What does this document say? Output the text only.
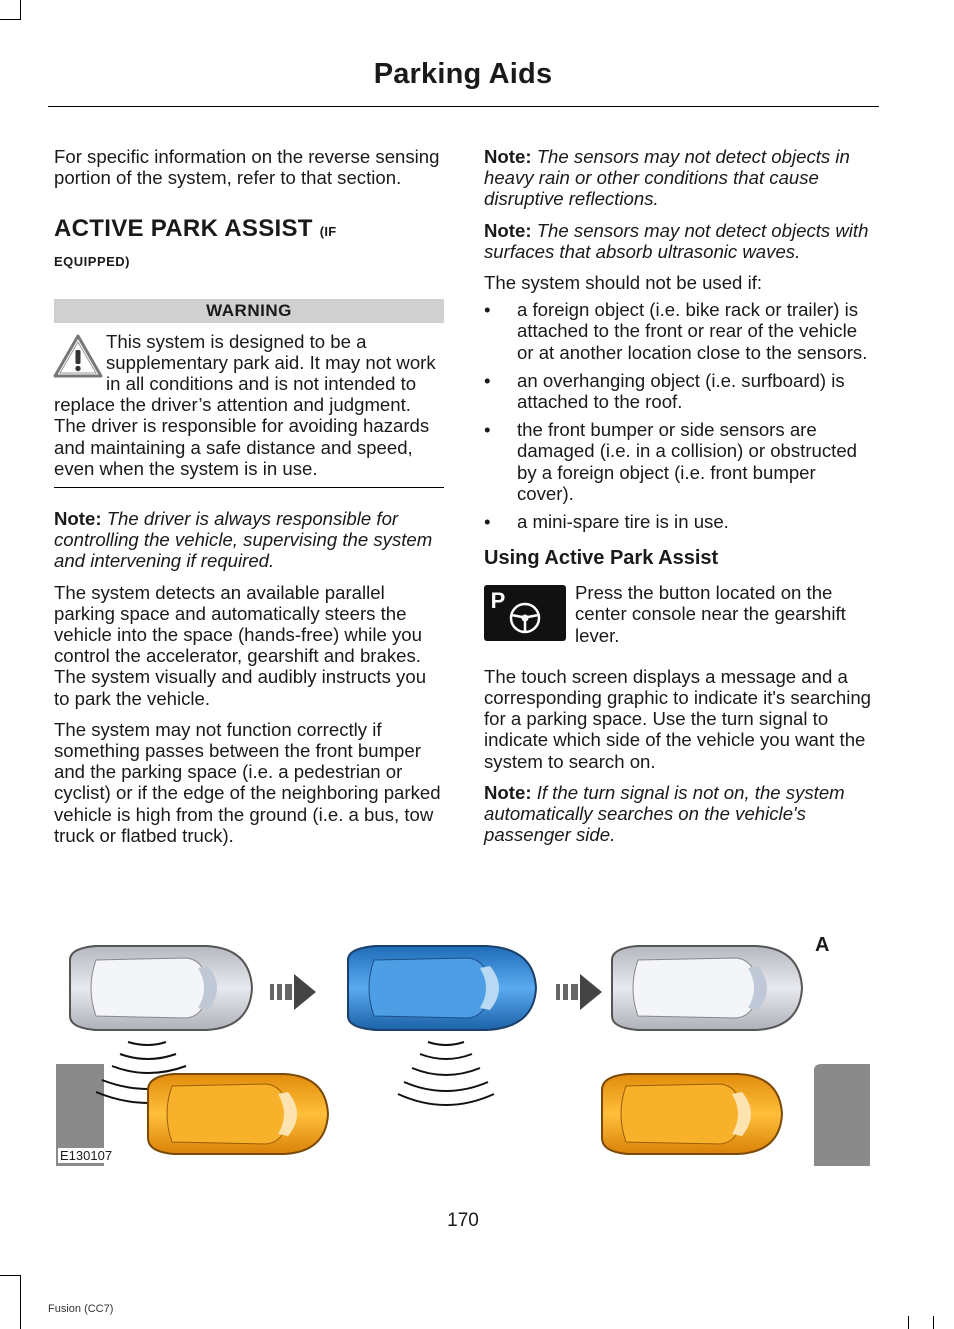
Parking Aids

For specific information on the reverse sensing portion of the system, refer to that section.

ACTIVE PARK ASSIST (IF
EQUIPPED)
WARNING
This system is designed to be a supplementary park aid. It may not work in all conditions and is not intended to replace the driver’s attention and judgment. The driver is responsible for avoiding hazards and maintaining a safe distance and speed, even when the system is in use.

Note: The driver is always responsible for controlling the vehicle, supervising the system and intervening if required.

The system detects an available parallel parking space and automatically steers the vehicle into the space (hands-free) while you control the accelerator, gearshift and brakes. The system visually and audibly instructs you to park the vehicle.

The system may not function correctly if something passes between the front bumper and the parking space (i.e. a pedestrian or cyclist) or if the edge of the neighboring parked vehicle is high from the ground (i.e. a bus, tow truck or flatbed truck).

Note: The sensors may not detect objects in heavy rain or other conditions that cause disruptive reflections.

Note: The sensors may not detect objects with surfaces that absorb ultrasonic waves.

The system should not be used if:

• a foreign object (i.e. bike rack or trailer) is attached to the front or rear of the vehicle or at another location close to the sensors.
• an overhanging object (i.e. surfboard) is attached to the roof.
• the front bumper or side sensors are damaged (i.e. in a collision) or obstructed by a foreign object (i.e. front bumper cover).
• a mini-spare tire is in use.
Using Active Park Assist
P	Press the button located on the center console near the gearshift lever.

The touch screen displays a message and a corresponding graphic to indicate it's searching for a parking space. Use the turn signal to indicate which side of the vehicle you want the system to search on.

Note: If the turn signal is not on, the system automatically searches on the vehicle's passenger side.

A
E130107
170
Fusion (CC7)
